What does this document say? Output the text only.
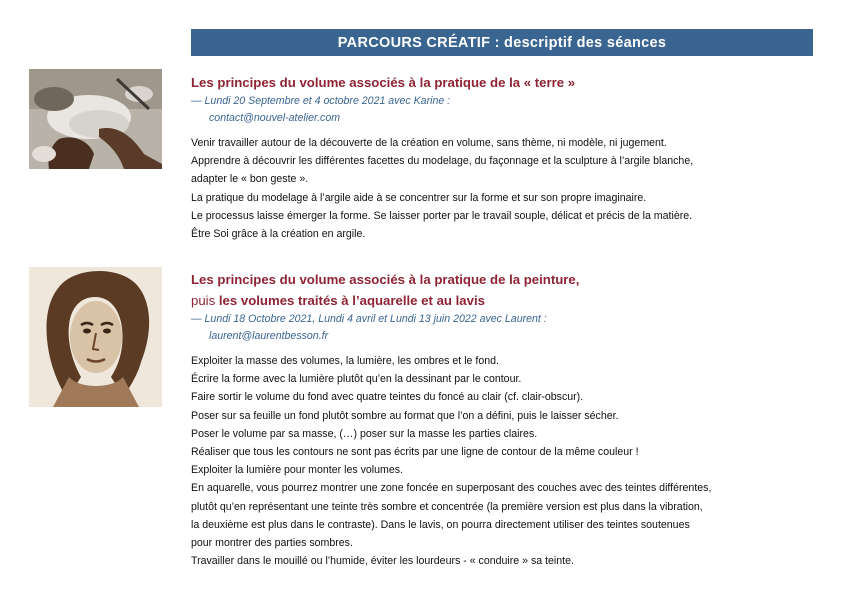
PARCOURS CRÉATIF : descriptif des séances
Les principes du volume associés à la pratique de la « terre »
— Lundi 20 Septembre et 4 octobre 2021 avec Karine :
contact@nouvel-atelier.com

Venir travailler autour de la découverte de la création en volume, sans thème, ni modèle, ni jugement.

Apprendre à découvrir les différentes facettes du modelage, du façonnage et la sculpture à l’argile blanche,

adapter le « bon geste ».

La pratique du modelage à l’argile aide à se concentrer sur la forme et sur son propre imaginaire.

Le processus laisse émerger la forme. Se laisser porter par le travail souple, délicat et précis de la matière.

Être Soi grâce à la création en argile.

Les principes du volume associés à la pratique de la peinture,
puis les volumes traités à l’aquarelle et au lavis
— Lundi 18 Octobre 2021, Lundi 4 avril et Lundi 13 juin 2022 avec Laurent :
laurent@laurentbesson.fr

Exploiter la masse des volumes, la lumière, les ombres et le fond.

Écrire la forme avec la lumière plutôt qu’en la dessinant par le contour.

Faire sortir le volume du fond avec quatre teintes du foncé au clair (cf. clair-obscur).

Poser sur sa feuille un fond plutôt sombre au format que l’on a défini, puis le laisser sécher.

Poser le volume par sa masse, (…) poser sur la masse les parties claires.

Réaliser que tous les contours ne sont pas écrits par une ligne de contour de la même couleur !

Exploiter la lumière pour monter les volumes.

En aquarelle, vous pourrez montrer une zone foncée en superposant des couches avec des teintes différentes,

plutôt qu’en représentant une teinte très sombre et concentrée (la première version est plus dans la vibration,

la deuxième est plus dans le contraste). Dans le lavis, on pourra directement utiliser des teintes soutenues

pour montrer des parties sombres.

Travailler dans le mouillé ou l’humide, éviter les lourdeurs - « conduire » sa teinte.
